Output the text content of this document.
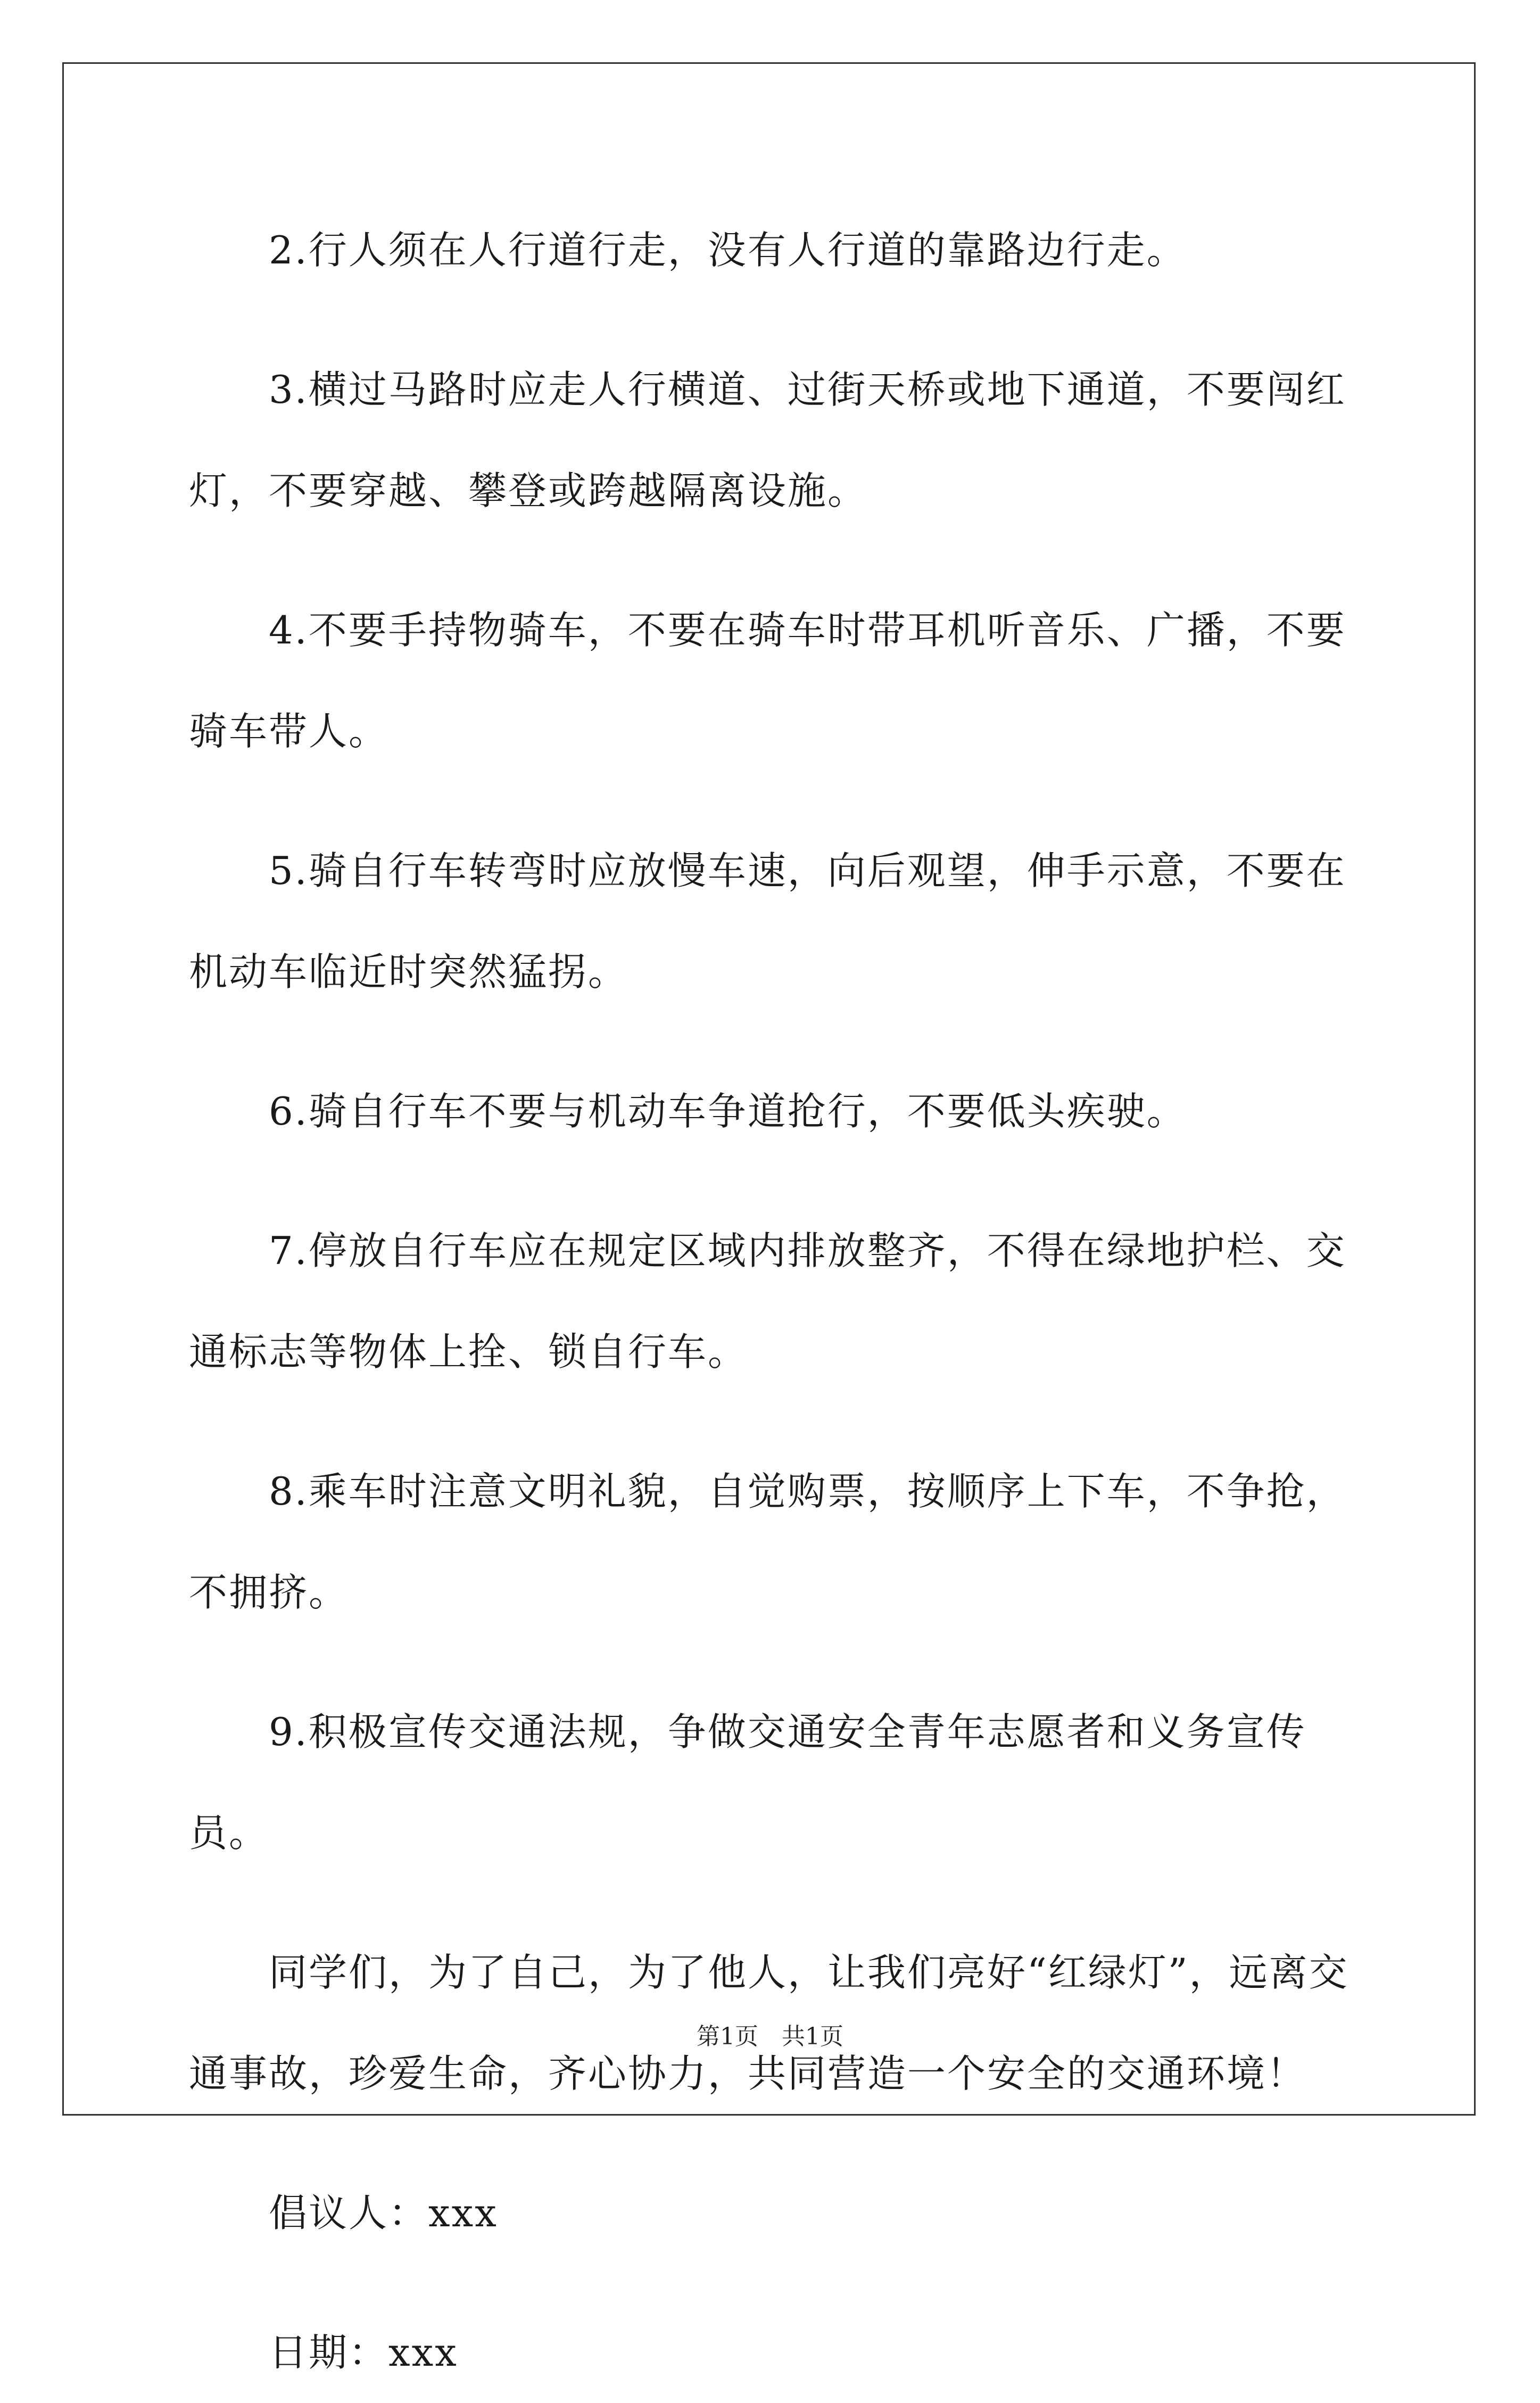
2.行人须在人行道行走，没有人行道的靠路边行走。

3.横过马路时应走人行横道、过街天桥或地下通道，不要闯红灯，不要穿越、攀登或跨越隔离设施。

4.不要手持物骑车，不要在骑车时带耳机听音乐、广播，不要骑车带人。

5.骑自行车转弯时应放慢车速，向后观望，伸手示意，不要在机动车临近时突然猛拐。

6.骑自行车不要与机动车争道抢行，不要低头疾驶。

7.停放自行车应在规定区域内排放整齐，不得在绿地护栏、交通标志等物体上拴、锁自行车。

8.乘车时注意文明礼貌，自觉购票，按顺序上下车，不争抢，不拥挤。

9.积极宣传交通法规，争做交通安全青年志愿者和义务宣传员。

同学们，为了自己，为了他人，让我们亮好“红绿灯”，远离交通事故，珍爱生命，齐心协力，共同营造一个安全的交通环境！

倡议人：xxx

日期：xxx

第1页　共1页
